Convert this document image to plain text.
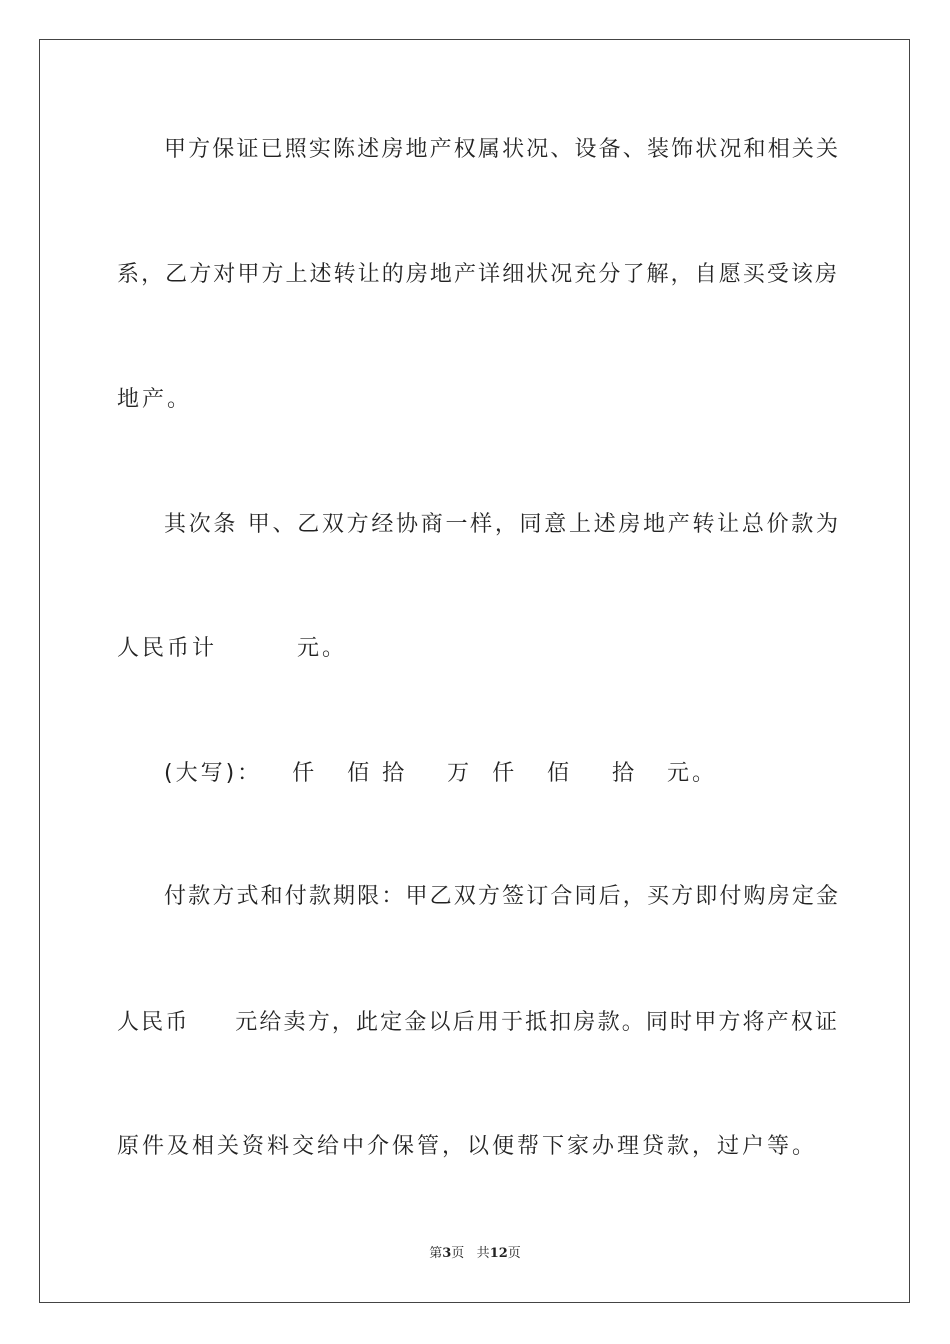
甲方保证已照实陈述房地产权属状况、设备、装饰状况和相关关
系，乙方对甲方上述转让的房地产详细状况充分了解，自愿买受该房
地产。
其次条 甲、乙双方经协商一样，同意上述房地产转让总价款为
人民币计        元。
(大写)：   仟   佰 拾    万  仟   佰    拾   元。
付款方式和付款期限：甲乙双方签订合同后，买方即付购房定金
人民币     元给卖方，此定金以后用于抵扣房款。同时甲方将产权证
原件及相关资料交给中介保管，以便帮下家办理贷款，过户等。
第3页 共12页
